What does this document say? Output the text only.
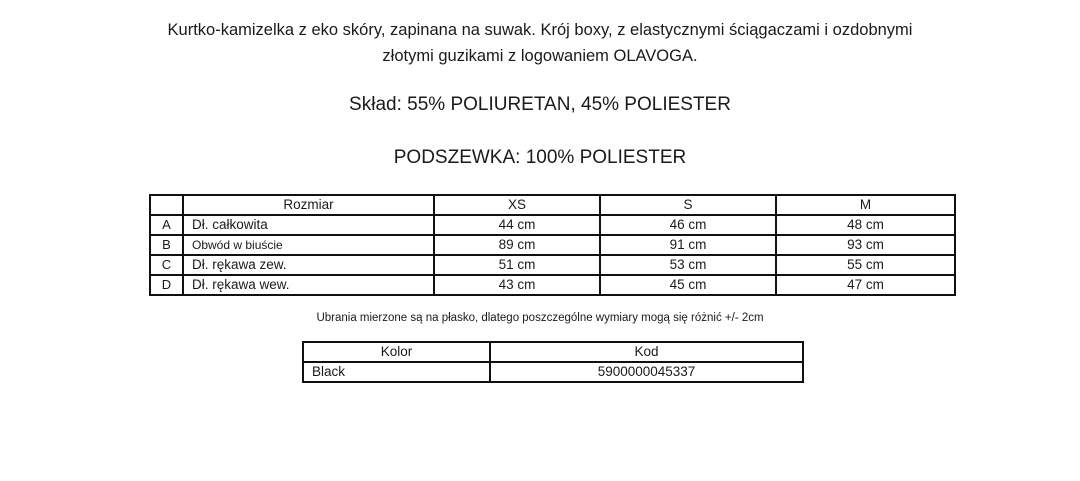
Kurtko-kamizelka z eko skóry, zapinana na suwak. Krój boxy, z elastycznymi ściągaczami i ozdobnymi
złotymi guzikami z logowaniem OLAVOGA.
Skład: 55% POLIURETAN, 45% POLIESTER
PODSZEWKA: 100% POLIESTER
	Rozmiar	XS	S	M
A	Dł. całkowita	44 cm	46 cm	48 cm
B	Obwód w biuście	89 cm	91 cm	93 cm
C	Dł. rękawa zew.	51 cm	53 cm	55 cm
D	Dł. rękawa wew.	43 cm	45 cm	47 cm
Ubrania mierzone są na płasko, dlatego poszczególne wymiary mogą się różnić +/- 2cm
Kolor	Kod
Black	5900000045337
